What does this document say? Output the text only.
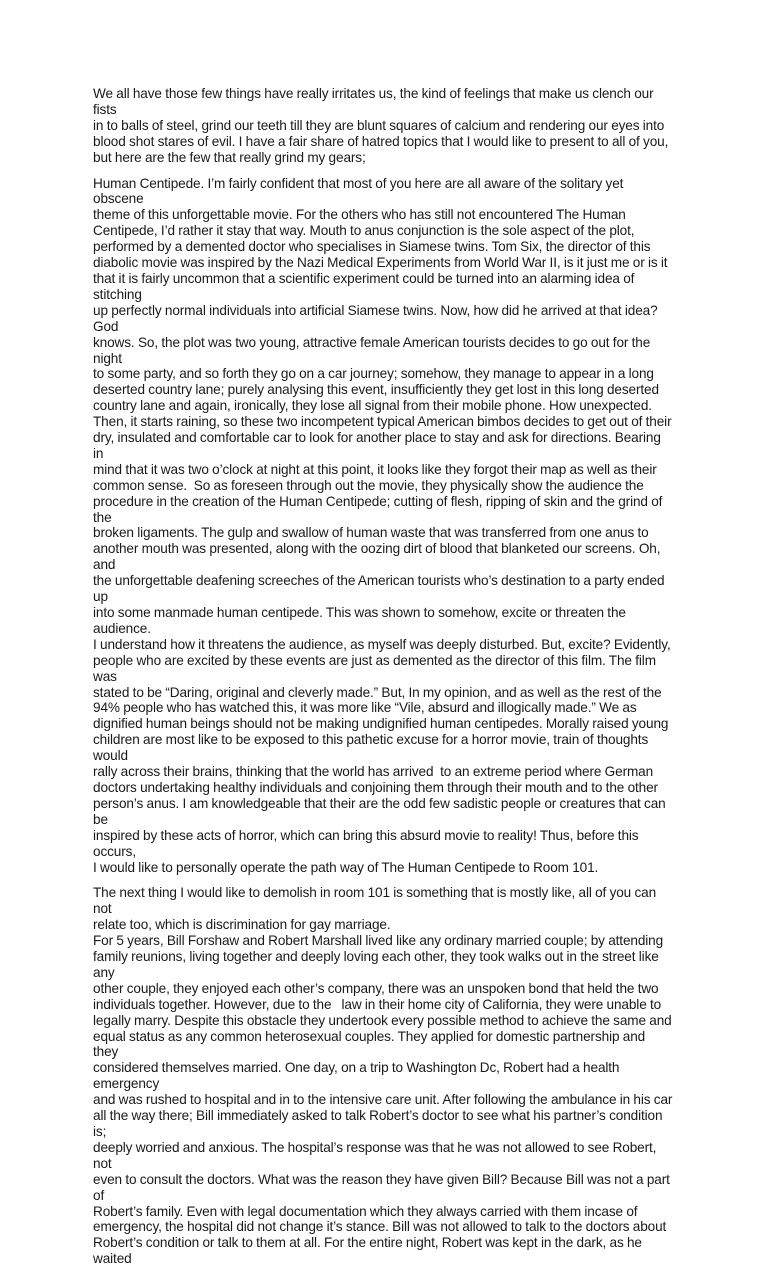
We all have those few things have really irritates us, the kind of feelings that make us clench our fists
in to balls of steel, grind our teeth till they are blunt squares of calcium and rendering our eyes into
blood shot stares of evil. I have a fair share of hatred topics that I would like to present to all of you,
but here are the few that really grind my gears;

Human Centipede. I’m fairly confident that most of you here are all aware of the solitary yet obscene
theme of this unforgettable movie. For the others who has still not encountered The Human
Centipede, I’d rather it stay that way. Mouth to anus conjunction is the sole aspect of the plot,
performed by a demented doctor who specialises in Siamese twins. Tom Six, the director of this
diabolic movie was inspired by the Nazi Medical Experiments from World War II, is it just me or is it
that it is fairly uncommon that a scientific experiment could be turned into an alarming idea of stitching
up perfectly normal individuals into artificial Siamese twins. Now, how did he arrived at that idea? God
knows. So, the plot was two young, attractive female American tourists decides to go out for the night
to some party, and so forth they go on a car journey; somehow, they manage to appear in a long
deserted country lane; purely analysing this event, insufficiently they get lost in this long deserted
country lane and again, ironically, they lose all signal from their mobile phone. How unexpected.
Then, it starts raining, so these two incompetent typical American bimbos decides to get out of their
dry, insulated and comfortable car to look for another place to stay and ask for directions. Bearing in
mind that it was two o’clock at night at this point, it looks like they forgot their map as well as their
common sense.  So as foreseen through out the movie, they physically show the audience the
procedure in the creation of the Human Centipede; cutting of flesh, ripping of skin and the grind of the
broken ligaments. The gulp and swallow of human waste that was transferred from one anus to
another mouth was presented, along with the oozing dirt of blood that blanketed our screens. Oh, and
the unforgettable deafening screeches of the American tourists who’s destination to a party ended up
into some manmade human centipede. This was shown to somehow, excite or threaten the audience.
I understand how it threatens the audience, as myself was deeply disturbed. But, excite? Evidently,
people who are excited by these events are just as demented as the director of this film. The film was
stated to be “Daring, original and cleverly made.” But, In my opinion, and as well as the rest of the
94% people who has watched this, it was more like “Vile, absurd and illogically made.” We as
dignified human beings should not be making undignified human centipedes. Morally raised young
children are most like to be exposed to this pathetic excuse for a horror movie, train of thoughts would
rally across their brains, thinking that the world has arrived  to an extreme period where German
doctors undertaking healthy individuals and conjoining them through their mouth and to the other
person’s anus. I am knowledgeable that their are the odd few sadistic people or creatures that can be
inspired by these acts of horror, which can bring this absurd movie to reality! Thus, before this occurs,
I would like to personally operate the path way of The Human Centipede to Room 101.

The next thing I would like to demolish in room 101 is something that is mostly like, all of you can not
relate too, which is discrimination for gay marriage.
For 5 years, Bill Forshaw and Robert Marshall lived like any ordinary married couple; by attending
family reunions, living together and deeply loving each other, they took walks out in the street like any
other couple, they enjoyed each other’s company, there was an unspoken bond that held the two
individuals together. However, due to the   law in their home city of California, they were unable to
legally marry. Despite this obstacle they undertook every possible method to achieve the same and
equal status as any common heterosexual couples. They applied for domestic partnership and they
considered themselves married. One day, on a trip to Washington Dc, Robert had a health emergency
and was rushed to hospital and in to the intensive care unit. After following the ambulance in his car
all the way there; Bill immediately asked to talk Robert’s doctor to see what his partner’s condition is;
deeply worried and anxious. The hospital’s response was that he was not allowed to see Robert, not
even to consult the doctors. What was the reason they have given Bill? Because Bill was not a part of
Robert’s family. Even with legal documentation which they always carried with them incase of
emergency, the hospital did not change it’s stance. Bill was not allowed to talk to the doctors about
Robert’s condition or talk to them at all. For the entire night, Robert was kept in the dark, as he waited
